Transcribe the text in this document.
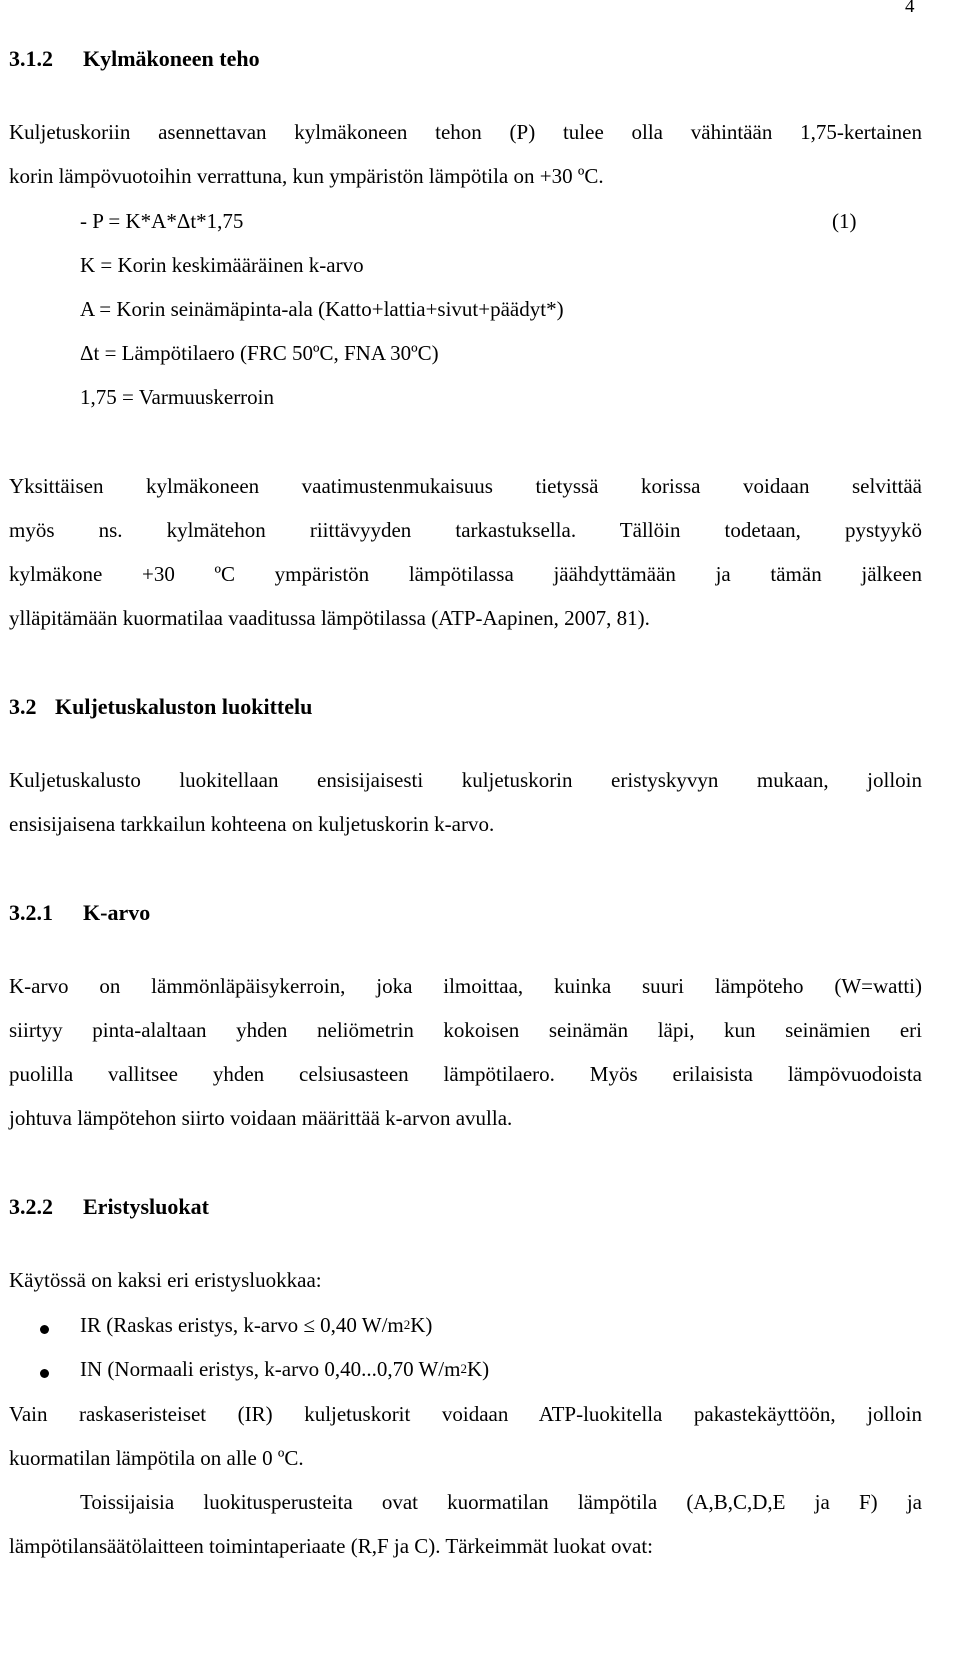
4
3.1.2 Kylmäkoneen teho
Kuljetuskoriin asennettavan kylmäkoneen tehon (P) tulee olla vähintään 1,75-kertainen
korin lämpövuotoihin verrattuna, kun ympäristön lämpötila on +30 ºC.
- P = K*A*Δt*1,75	(1)
K = Korin keskimääräinen k-arvo
A = Korin seinämäpinta-ala (Katto+lattia+sivut+päädyt*)
Δt = Lämpötilaero (FRC 50ºC, FNA 30ºC)
1,75 = Varmuuskerroin
Yksittäisen kylmäkoneen vaatimustenmukaisuus tietyssä korissa voidaan selvittää
myös ns. kylmätehon riittävyyden tarkastuksella. Tällöin todetaan, pystyykö
kylmäkone +30 ºC ympäristön lämpötilassa jäähdyttämään ja tämän jälkeen
ylläpitämään kuormatilaa vaaditussa lämpötilassa (ATP-Aapinen, 2007, 81).
3.2 Kuljetuskaluston luokittelu
Kuljetuskalusto luokitellaan ensisijaisesti kuljetuskorin eristyskyvyn mukaan, jolloin
ensisijaisena tarkkailun kohteena on kuljetuskorin k-arvo.
3.2.1 K-arvo
K-arvo on lämmönläpäisykerroin, joka ilmoittaa, kuinka suuri lämpöteho (W=watti)
siirtyy pinta-alaltaan yhden neliömetrin kokoisen seinämän läpi, kun seinämien eri
puolilla vallitsee yhden celsiusasteen lämpötilaero. Myös erilaisista lämpövuodoista
johtuva lämpötehon siirto voidaan määrittää k-arvon avulla.
3.2.2 Eristysluokat
Käytössä on kaksi eri eristysluokkaa:
IR (Raskas eristys, k-arvo ≤ 0,40 $W/m^2K$)
IN (Normaali eristys, k-arvo 0,40...0,70 $W/m^2K$)
Vain raskaseristeiset (IR) kuljetuskorit voidaan ATP-luokitella pakastekäyttöön, jolloin
kuormatilan lämpötila on alle 0 ºC.
Toissijaisia luokitusperusteita ovat kuormatilan lämpötila (A,B,C,D,E ja F) ja
lämpötilansäätölaitteen toimintaperiaate (R,F ja C). Tärkeimmät luokat ovat:
